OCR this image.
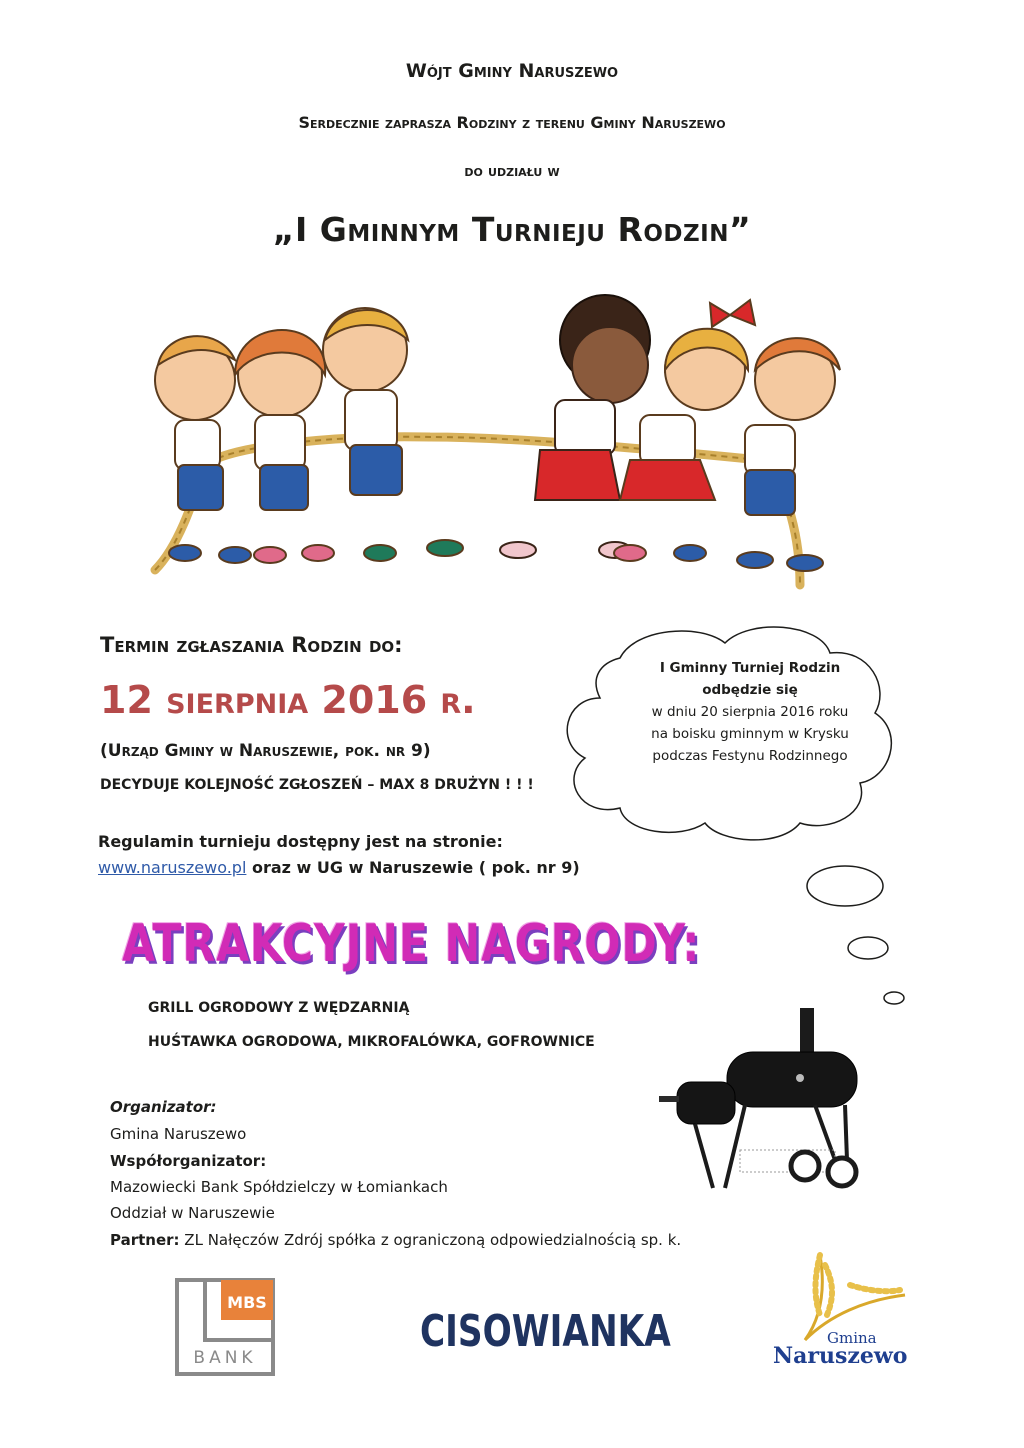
Wójt Gminy Naruszewo
Serdecznie zaprasza Rodziny z terenu Gminy Naruszewo
do udziału w
„I Gminnym Turnieju Rodzin”
Termin zgłaszania Rodzin do:
12 sierpnia 2016 r.
(Urząd Gminy w Naruszewie, pok. nr 9)
DECYDUJE KOLEJNOŚĆ ZGŁOSZEŃ – MAX 8 DRUŻYN ! ! !
I Gminny Turniej Rodzin
odbędzie się
w dniu 20 sierpnia 2016 roku
na boisku gminnym w Krysku
podczas Festynu Rodzinnego
Regulamin turnieju dostępny jest na stronie:
www.naruszewo.pl oraz w UG w Naruszewie ( pok. nr 9)
ATRAKCYJNE NAGRODY:
GRILL OGRODOWY Z WĘDZARNIĄ
HUŚTAWKA OGRODOWA, MIKROFALÓWKA, GOFROWNICE
Organizator:
Gmina Naruszewo
Współorganizator:
Mazowiecki Bank Spółdzielczy w Łomiankach
Oddział w Naruszewie
Partner: ZL Nałęczów Zdrój spółka z ograniczoną odpowiedzialnością sp. k.
MBS
BANK
CISOWIANKA	Gmina
Naruszewo
